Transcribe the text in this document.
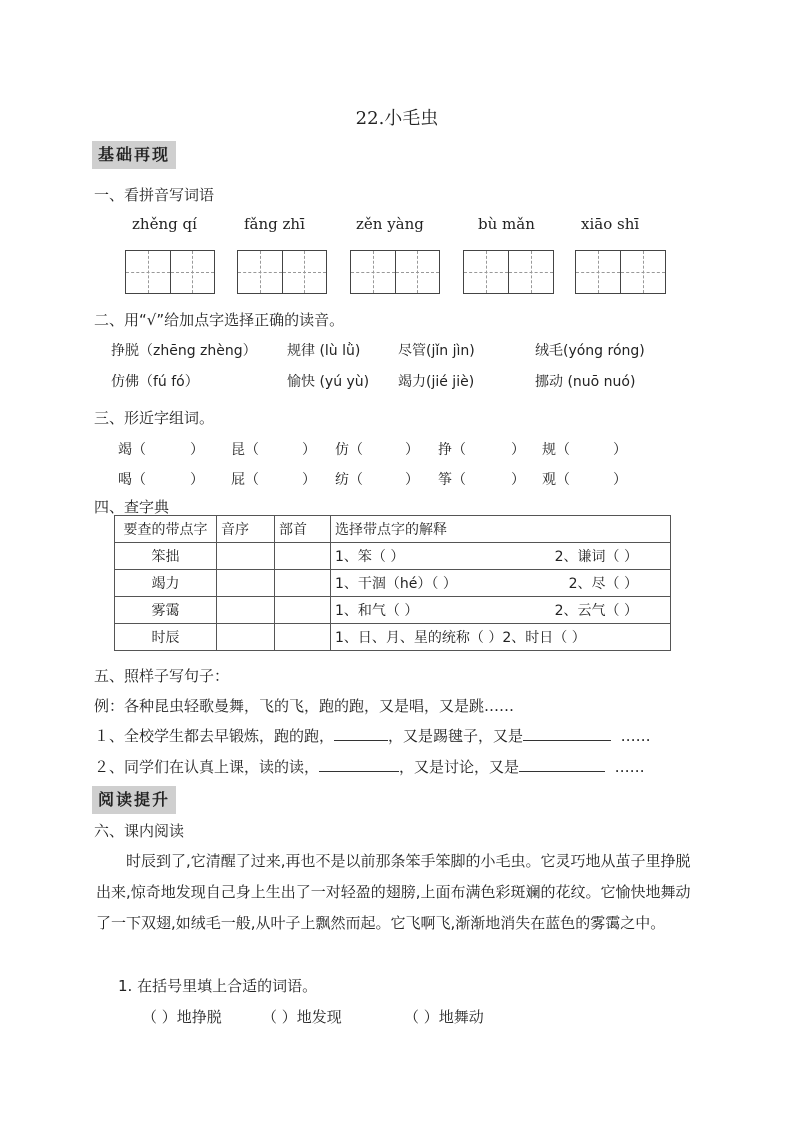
22.小毛虫
基础再现
一、看拼音写词语
zhěng qí	fǎng zhī	zěn yàng	bù mǎn	xiāo shī
二、用“√”给加点字选择正确的读音。
挣脱（zhēng zhèng） 规律 (lù lǜ)	尽管(jǐn jìn)	绒毛(yóng róng)
仿佛（fú fó）	愉快 (yú yù) 竭力(jié jiè)	挪动 (nuō nuó)
三、形近字组词。
竭（	） 昆（	） 仿（	） 挣（	） 规（	）
喝（	） 屁（	） 纺（	） 筝（	） 观（	）
四、查字典
要查的带点字	音序	部首	选择带点字的解释
笨拙			1、笨（ ） 2、谦词（ ）

竭力			1、干涸（hé）（ ） 2、尽（ ）

雾霭			1、和气（ ） 2、云气（ ）

时辰			1、日、月、星的统称（ ）2、时日（ ）
五、照样子写句子：
例：各种昆虫轻歌曼舞，飞的飞，跑的跑，又是唱，又是跳……
１、全校学生都去早锻炼，跑的跑，	，又是踢毽子，又是	……
２、同学们在认真上课，读的读，	，又是讨论，又是	……
阅读提升
六、课内阅读
时辰到了,它清醒了过来,再也不是以前那条笨手笨脚的小毛虫。它灵巧地从茧子里挣脱出来,惊奇地发现自己身上生出了一对轻盈的翅膀,上面布满色彩斑斓的花纹。它愉快地舞动了一下双翅,如绒毛一般,从叶子上飘然而起。它飞啊飞,渐渐地消失在蓝色的雾霭之中。
1. 在括号里填上合适的词语。
（ ）地挣脱	（ ）地发现	（ ）地舞动
